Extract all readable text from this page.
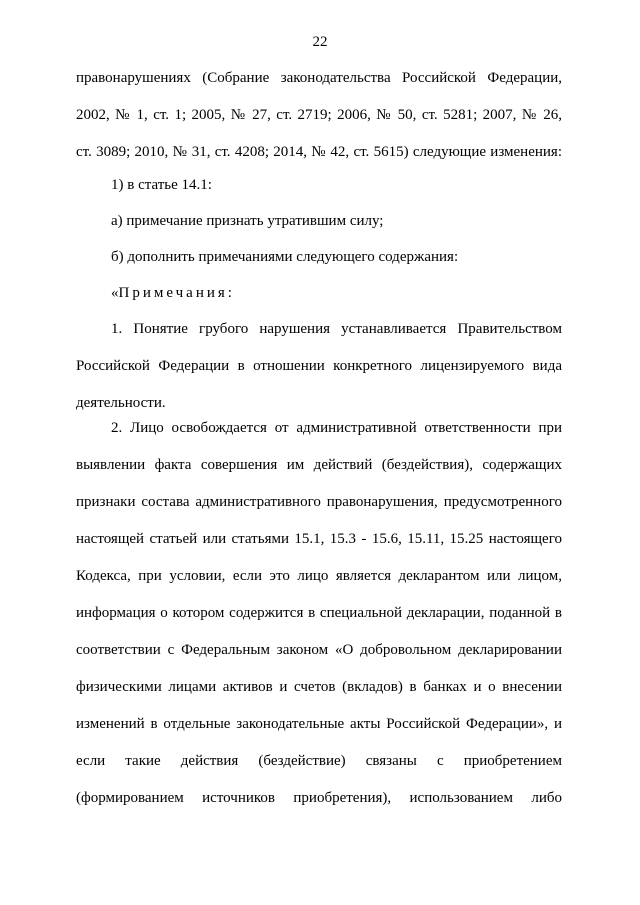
22
правонарушениях (Собрание законодательства Российской Федерации,
2002, № 1, ст. 1; 2005, № 27, ст. 2719; 2006, № 50, ст. 5281; 2007, № 26,
ст. 3089; 2010, № 31, ст. 4208; 2014, № 42, ст. 5615) следующие изменения:
1) в статье 14.1:
а) примечание признать утратившим силу;
б) дополнить примечаниями следующего содержания:
«Примечания:
1. Понятие грубого нарушения устанавливается Правительством
Российской Федерации в отношении конкретного лицензируемого вида
деятельности.
2. Лицо освобождается от административной ответственности при
выявлении факта совершения им действий (бездействия), содержащих
признаки состава административного правонарушения, предусмотренного
настоящей статьей или статьями 15.1, 15.3 - 15.6, 15.11, 15.25 настоящего
Кодекса, при условии, если это лицо является декларантом или лицом,
информация о котором содержится в специальной декларации, поданной в
соответствии с Федеральным законом «О добровольном декларировании
физическими лицами активов и счетов (вкладов) в банках и о внесении
изменений в отдельные законодательные акты Российской Федерации», и
если такие действия (бездействие) связаны с приобретением
(формированием источников приобретения), использованием либо
